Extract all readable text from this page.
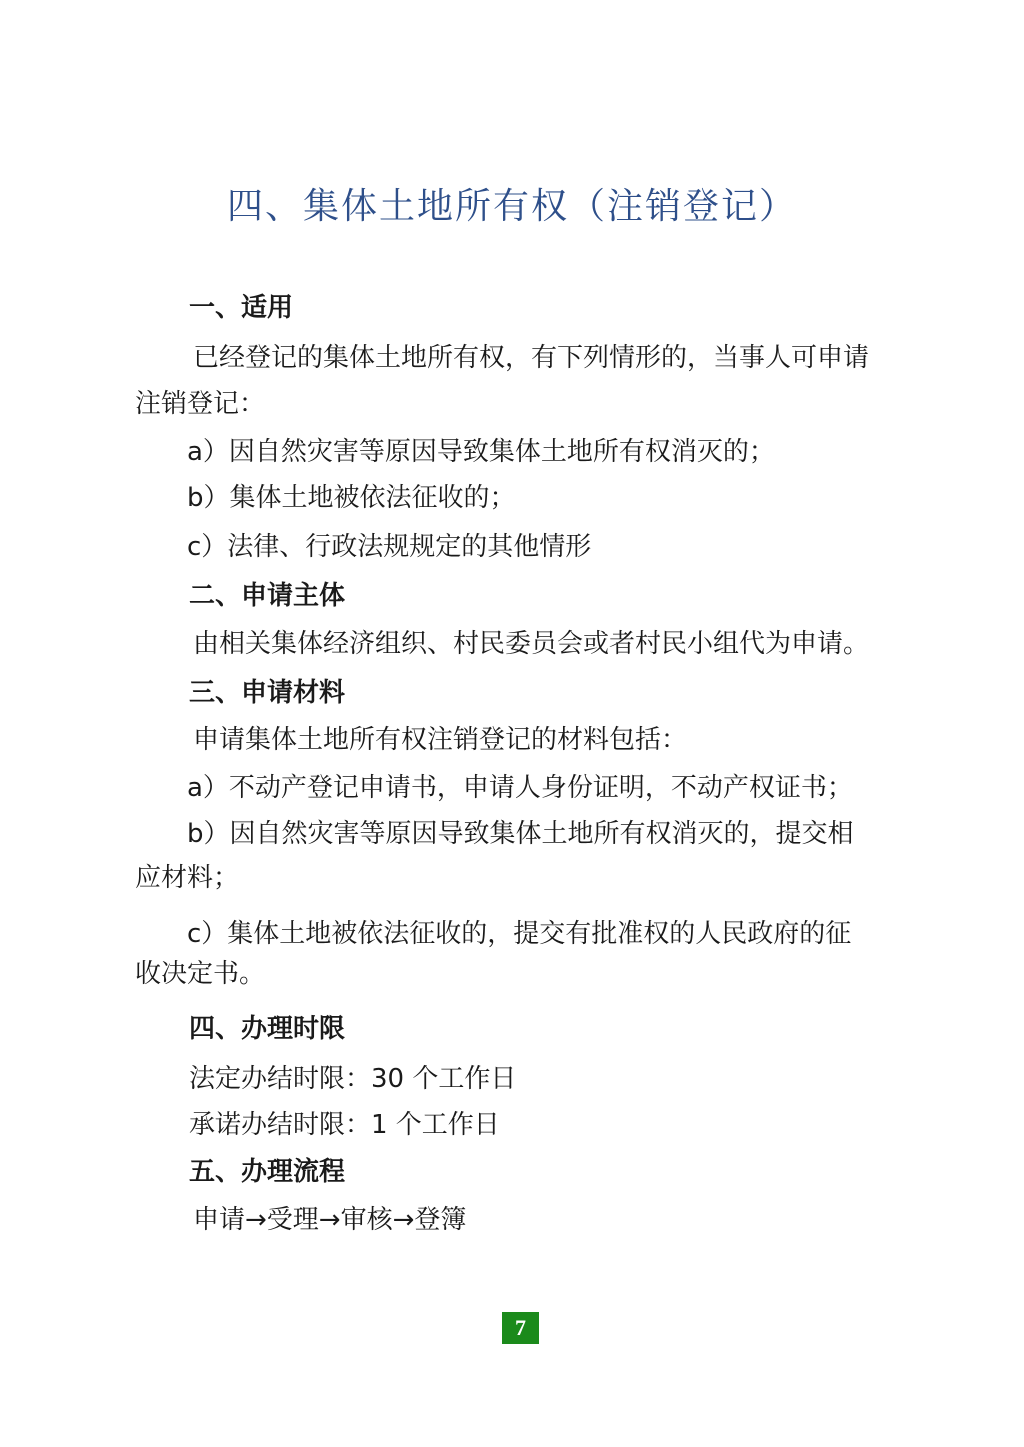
四、集体土地所有权（注销登记）
一、适用
已经登记的集体土地所有权，有下列情形的，当事人可申请
注销登记：
a）因自然灾害等原因导致集体土地所有权消灭的；
b）集体土地被依法征收的；
c）法律、行政法规规定的其他情形
二、申请主体
由相关集体经济组织、村民委员会或者村民小组代为申请。
三、申请材料
申请集体土地所有权注销登记的材料包括：
a）不动产登记申请书，申请人身份证明，不动产权证书；
b）因自然灾害等原因导致集体土地所有权消灭的，提交相
应材料；
c）集体土地被依法征收的，提交有批准权的人民政府的征
收决定书。
四、办理时限
法定办结时限：30 个工作日
承诺办结时限：1 个工作日
五、办理流程
申请→受理→审核→登簿
7
